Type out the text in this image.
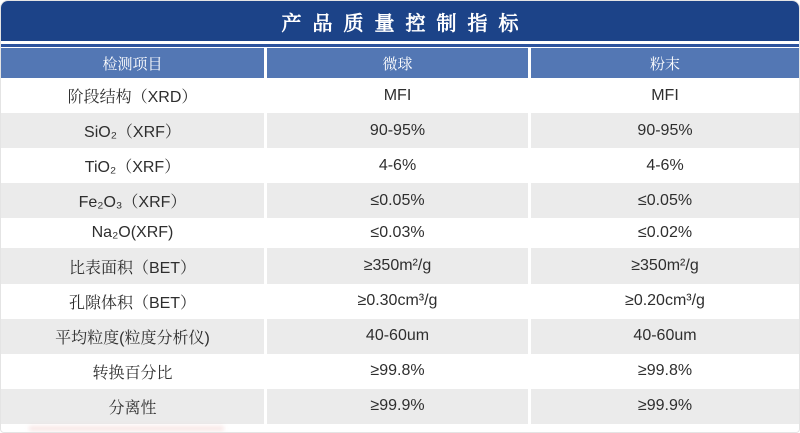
产品质量控制指标
检测项目	微球	粉末
阶段结构（XRD）	MFI	MFI
SiO₂（XRF）	90-95%	90-95%
TiO₂（XRF）	4-6%	4-6%
Fe₂O₃（XRF）	≤0.05%	≤0.05%
Na₂O(XRF)	≤0.03%	≤0.02%
比表面积（BET）	≥350m²/g	≥350m²/g
孔隙体积（BET）	≥0.30cm³/g	≥0.20cm³/g
平均粒度(粒度分析仪)	40-60um	40-60um
转换百分比	≥99.8%	≥99.8%
分离性	≥99.9%	≥99.9%
